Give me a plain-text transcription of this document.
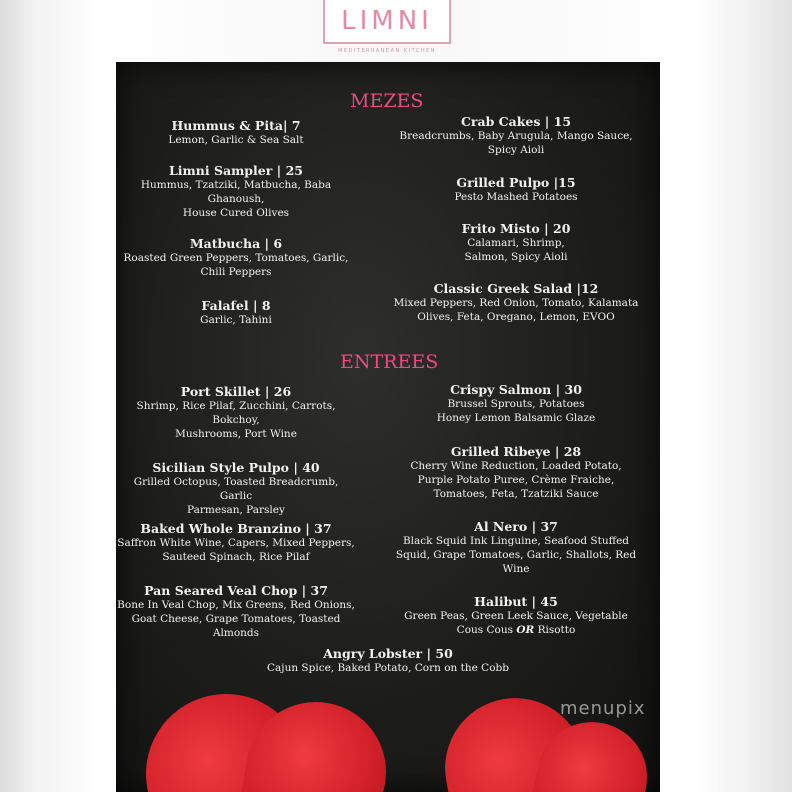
LIMNI
MEDITERRANEAN KITCHEN
MEZES
Hummus & Pita| 7
Lemon, Garlic & Sea Salt
Limni Sampler | 25
Hummus, Tzatziki, Matbucha, Baba
Ghanoush,
House Cured Olives
Matbucha | 6
Roasted Green Peppers, Tomatoes, Garlic,
Chili Peppers
Falafel | 8
Garlic, Tahini
Crab Cakes | 15
Breadcrumbs, Baby Arugula, Mango Sauce,
Spicy Aioli
Grilled Pulpo |15
Pesto Mashed Potatoes
Frito Misto | 20
Calamari, Shrimp,
Salmon, Spicy Aioli
Classic Greek Salad |12
Mixed Peppers, Red Onion, Tomato, Kalamata
Olives, Feta, Oregano, Lemon, EVOO
ENTREES
Port Skillet | 26
Shrimp, Rice Pilaf, Zucchini, Carrots,
Bokchoy,
Mushrooms, Port Wine
Sicilian Style Pulpo | 40
Grilled Octopus, Toasted Breadcrumb, Garlic
Parmesan, Parsley
Baked Whole Branzino | 37
Saffron White Wine, Capers, Mixed Peppers,
Sauteed Spinach, Rice Pilaf
Pan Seared Veal Chop | 37
Bone In Veal Chop, Mix Greens, Red Onions,
Goat Cheese, Grape Tomatoes, Toasted
Almonds
Crispy Salmon | 30
Brussel Sprouts, Potatoes
Honey Lemon Balsamic Glaze
Grilled Ribeye | 28
Cherry Wine Reduction, Loaded Potato,
Purple Potato Puree, Crème Fraiche,
Tomatoes, Feta, Tzatziki Sauce
Al Nero | 37
Black Squid Ink Linguine, Seafood Stuffed
Squid, Grape Tomatoes, Garlic, Shallots, Red
Wine
Halibut | 45
Green Peas, Green Leek Sauce, Vegetable
Cous Cous OR Risotto
Angry Lobster | 50
Cajun Spice, Baked Potato, Corn on the Cobb
menupix
